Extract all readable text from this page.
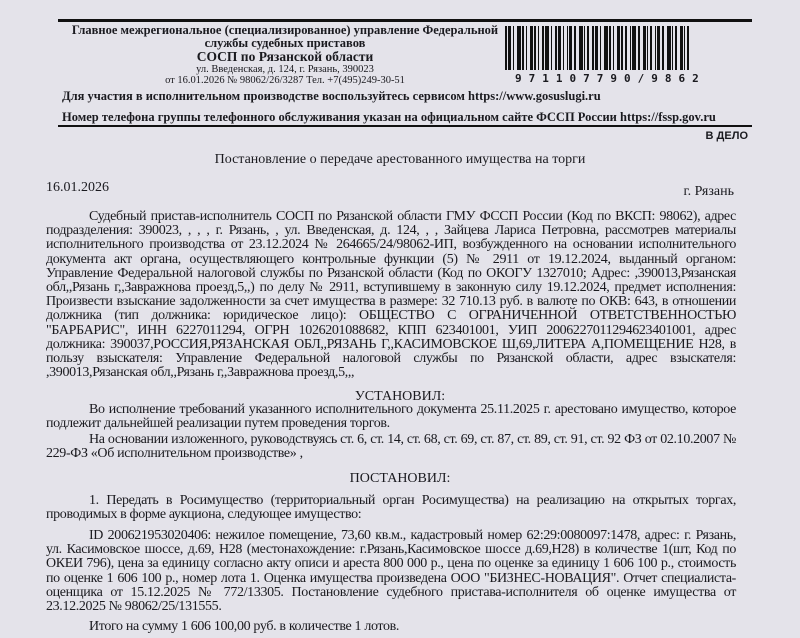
Главное межрегиональное (специализированное) управление Федеральной
службы судебных приставов
СОСП по Рязанской области
ул. Введенская, д. 124, г. Рязань, 390023
от 16.01.2026 № 98062/26/3287 Тел. +7(495)249-30-51	971107790/9862
Для участия в исполнительном производстве воспользуйтесь сервисом https://www.gosuslugi.ru
Номер телефона группы телефонного обслуживания указан на официальном сайте ФССП России https://fssp.gov.ru
В ДЕЛО
Постановление о передаче арестованного имущества на торги
16.01.2026	г. Рязань
Судебный пристав-исполнитель СОСП по Рязанской области ГМУ ФССП России (Код по ВКСП: 98062), адрес подразделения: 390023, , , , г. Рязань, , ул. Введенская, д. 124, , , Зайцева Лариса Петровна, рассмотрев материалы исполнительного производства от 23.12.2024 № 264665/24/98062-ИП, возбужденного на основании исполнительного документа акт органа, осуществляющего контрольные функции (5) № 2911 от 19.12.2024, выданный органом: Управление Федеральной налоговой службы по Рязанской области (Код по ОКОГУ 1327010; Адрес: ,390013,Рязанская обл,,Рязань г,,Завражнова проезд,5,,) по делу № 2911, вступившему в законную силу 19.12.2024, предмет исполнения: Произвести взыскание задолженности за счет имущества в размере: 32 710.13 руб. в валюте по ОКВ: 643, в отношении должника (тип должника: юридическое лицо): ОБЩЕСТВО С ОГРАНИЧЕННОЙ ОТВЕТСТВЕННОСТЬЮ "БАРБАРИС", ИНН 6227011294, ОГРН 1026201088682, КПП 623401001, УИП 20062270112946234010​01, адрес должника: 390037,РОССИЯ,РЯЗАНСКАЯ ОБЛ,,РЯЗАНЬ Г,,КАСИМОВСКОЕ Ш,69,ЛИТЕРА А,ПОМЕЩЕНИЕ Н28, в пользу взыскателя: Управление Федеральной налоговой службы по Рязанской области, адрес взыскателя: ,390013,Рязанская обл,,Рязань г,,Завражнова проезд,5,,,
УСТАНОВИЛ:
Во исполнение требований указанного исполнительного документа 25.11.2025 г. арестовано имущество, которое подлежит дальнейшей реализации путем проведения торгов.
На основании изложенного, руководствуясь ст. 6, ст. 14, ст. 68, ст. 69, ст. 87, ст. 89, ст. 91, ст. 92 ФЗ от 02.10.2007 № 229-ФЗ «Об исполнительном производстве» ,
ПОСТАНОВИЛ:
1. Передать в Росимущество (территориальный орган Росимущества) на реализацию на открытых торгах, проводимых в форме аукциона, следующее имущество:
ID 200621953020406: нежилое помещение, 73,60 кв.м., кадастровый номер 62:29:0080097:1478, адрес: г. Рязань, ул. Касимовское шоссе, д.69, Н28 (местонахождение: г.Рязань,Касимовское шоссе д.69,Н28) в количестве 1(шт, Код по ОКЕИ 796), цена за единицу согласно акту описи и ареста 800 000 р., цена по оценке за единицу 1 606 100 р., стоимость по оценке 1 606 100 р., номер лота 1. Оценка имущества произведена ООО "БИЗНЕС-НОВАЦИЯ". Отчет специалиста-оценщика от 15.12.2025 № 772/13305. Постановление судебного пристава-исполнителя об оценке имущества от 23.12.2025 № 98062/25/131555.
Итого на сумму 1 606 100,00 руб. в количестве 1 лотов.
